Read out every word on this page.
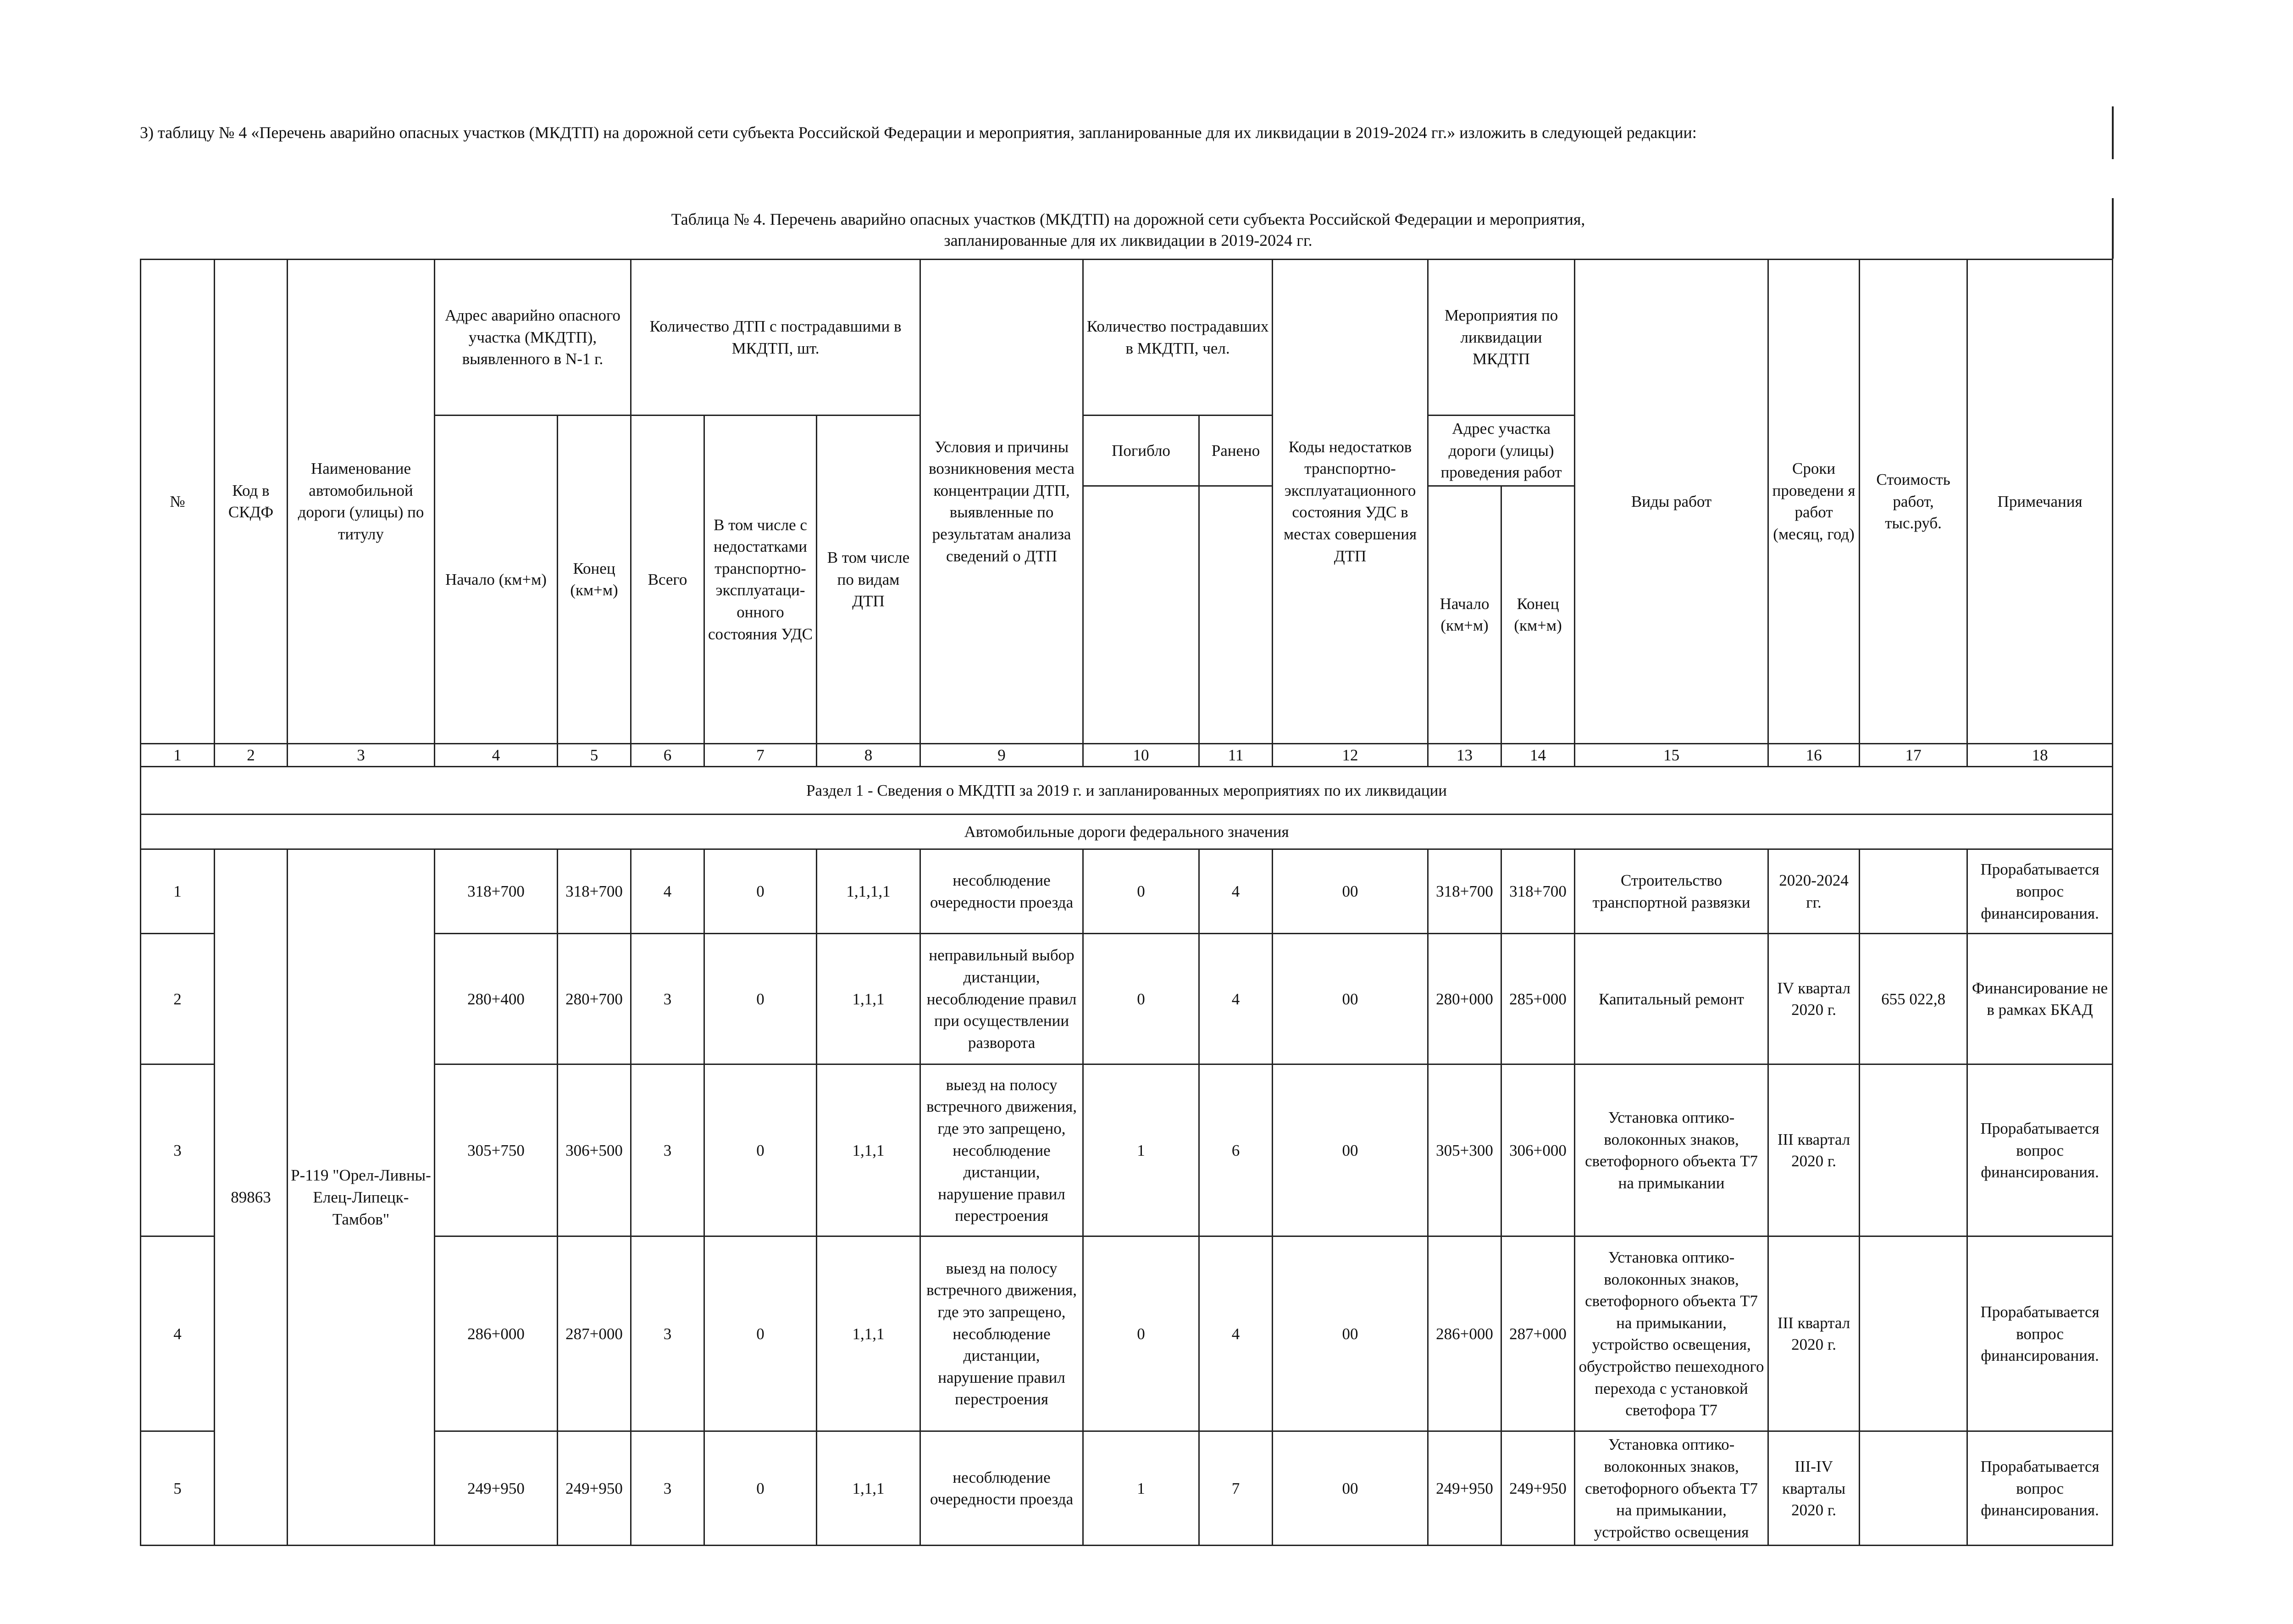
3) таблицу № 4 «Перечень аварийно опасных участков (МКДТП) на дорожной сети субъекта Российской Федерации и мероприятия, запланированные для их ликвидации в 2019-2024 гг.» изложить в следующей редакции:
Таблица № 4. Перечень аварийно опасных участков (МКДТП) на дорожной сети субъекта Российской Федерации и мероприятия,
запланированные для их ликвидации в 2019-2024 гг.
№	Код в СКДФ	Наименование автомобильной дороги (улицы) по титулу	Адрес аварийно опасного участка (МКДТП), выявленного в N-1 г.		Количество ДТП с пострадавшими в МКДТП, шт.			Условия и причины возникновения места концентрации ДТП, выявленные по результатам анализа сведений о ДТП	Количество пострадавших в МКДТП, чел.		Коды недостатков транспортно-эксплуатационного состояния УДС в местах совершения ДТП	Мероприятия по ликвидации МКДТП		Виды работ	Сроки проведени я работ (месяц, год)	Стоимость работ, тыс.руб.	Примечания
			Начало (км+м)	Конец (км+м)	Всего	В том числе с недостатками транспортно-эксплуатаци-онного состояния УДС	В том числе по видам ДТП		Погибло	Ранено		Адрес участка дороги (улицы) проведения работ					
												Начало (км+м)	Конец (км+м)				
1	2	3	4	5	6	7	8	9	10	11	12	13	14	15	16	17	18
Раздел 1 - Сведения о МКДТП за 2019 г. и запланированных мероприятиях по их ликвидации																	
Автомобильные дороги федерального значения																	
1	89863	Р-119 "Орел-Ливны-Елец-Липецк-Тамбов"	318+700	318+700	4	0	1,1,1,1	несоблюдение очередности проезда	0	4	00	318+700	318+700	Строительство транспортной развязки	2020-2024 гг.		Прорабатывается вопрос финансирования.
2			280+400	280+700	3	0	1,1,1	неправильный выбор дистанции, несоблюдение правил при осуществлении разворота	0	4	00	280+000	285+000	Капитальный ремонт	IV квартал 2020 г.	655 022,8	Финансирование не в рамках БКАД
3			305+750	306+500	3	0	1,1,1	выезд на полосу встречного движения, где это запрещено, несоблюдение дистанции, нарушение правил перестроения	1	6	00	305+300	306+000	Установка оптико-волоконных знаков, светофорного объекта Т7 на примыкании	III квартал 2020 г.		Прорабатывается вопрос финансирования.
4			286+000	287+000	3	0	1,1,1	выезд на полосу встречного движения, где это запрещено, несоблюдение дистанции, нарушение правил перестроения	0	4	00	286+000	287+000	Установка оптико-волоконных знаков, светофорного объекта Т7 на примыкании, устройство освещения, обустройство пешеходного перехода с установкой светофора Т7	III квартал 2020 г.		Прорабатывается вопрос финансирования.
5			249+950	249+950	3	0	1,1,1	несоблюдение очередности проезда	1	7	00	249+950	249+950	Установка оптико-волоконных знаков, светофорного объекта Т7 на примыкании, устройство освещения	III-IV кварталы 2020 г.		Прорабатывается вопрос финансирования.
